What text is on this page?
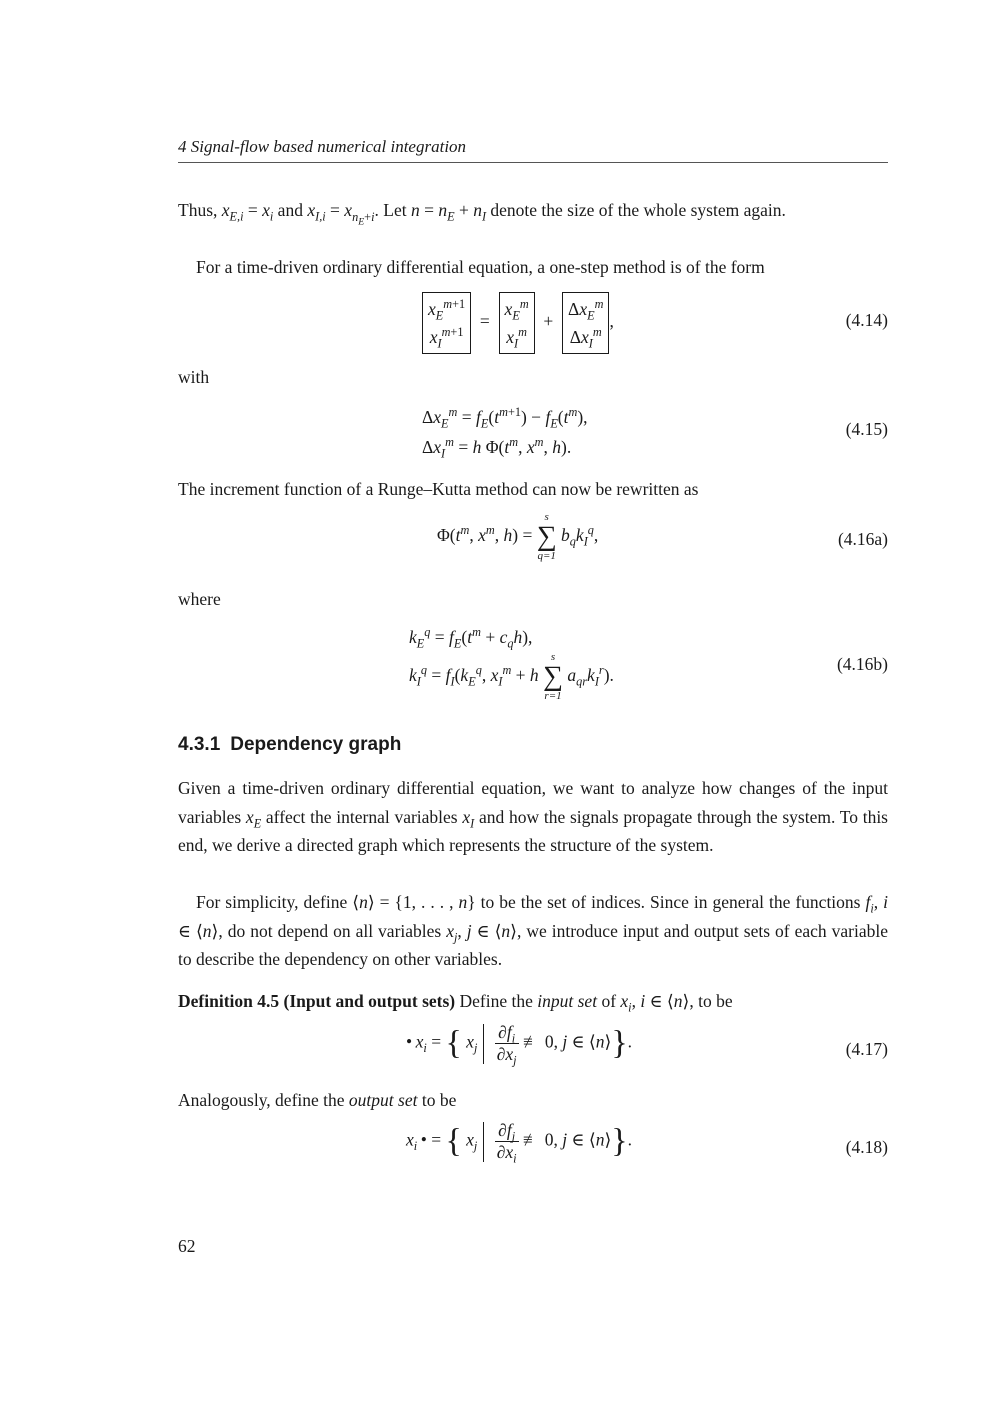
4 Signal-flow based numerical integration
Thus, $x_{E,i} = x_i$ and $x_{I,i} = x_{n_E+i}$. Let $n = n_E + n_I$ denote the size of the whole system again.
For a time-driven ordinary differential equation, a one-step method is of the form
$x_E^{m+1}$
$x_I^{m+1}$
=
$x_E^m$
$x_I^m$
+
$\Delta x_E^m$
$\Delta x_I^m$
,	(4.14)
with
$\Delta x_E^m = f_E(t^{m+1}) - f_E(t^m)$,
$\Delta x_I^m = h$ $\Phi(t^m$, $x^m$, h).
(4.15)
The increment function of a Runge–Kutta method can now be rewritten as
$\Phi(t^m$, $x^m$, h) =
s
∑
q=1
$b_qk_I^q$,	(4.16a)
where
$k_E^q = f_E(t^m + c_qh)$,
$k_I^q = f_I(k_E^q$, $x_I^m + h$
s
∑
r=1
$a_{qr}k_I^r$).
(4.16b)
4.3.1 Dependency graph
Given a time-driven ordinary differential equation, we want to analyze how changes of the input variables $x_E$ affect the internal variables $x_I$ and how the signals propagate through the system. To this end, we derive a directed graph which represents the structure of the system.
For simplicity, define ⟨n⟩ = {1, . . . , n} to be the set of indices. Since in general the functions $f_i$, i ∈ ⟨n⟩, do not depend on all variables $x_j$, j ∈ ⟨n⟩, we introduce input and output sets of each variable to describe the dependency on other variables.
Definition 4.5 (Input and output sets) Define the input set of $x_i$, i ∈ ⟨n⟩, to be
• $x_i$ = { $x_j \frac{\partial f_i}{\partial x_j}$ ≢ 0, j ∈ ⟨n⟩}.	(4.17)
Analogously, define the output set to be
$x_i$ • = { $x_j \frac{\partial f_j}{\partial x_i}$ ≢ 0, j ∈ ⟨n⟩}.	(4.18)
62
